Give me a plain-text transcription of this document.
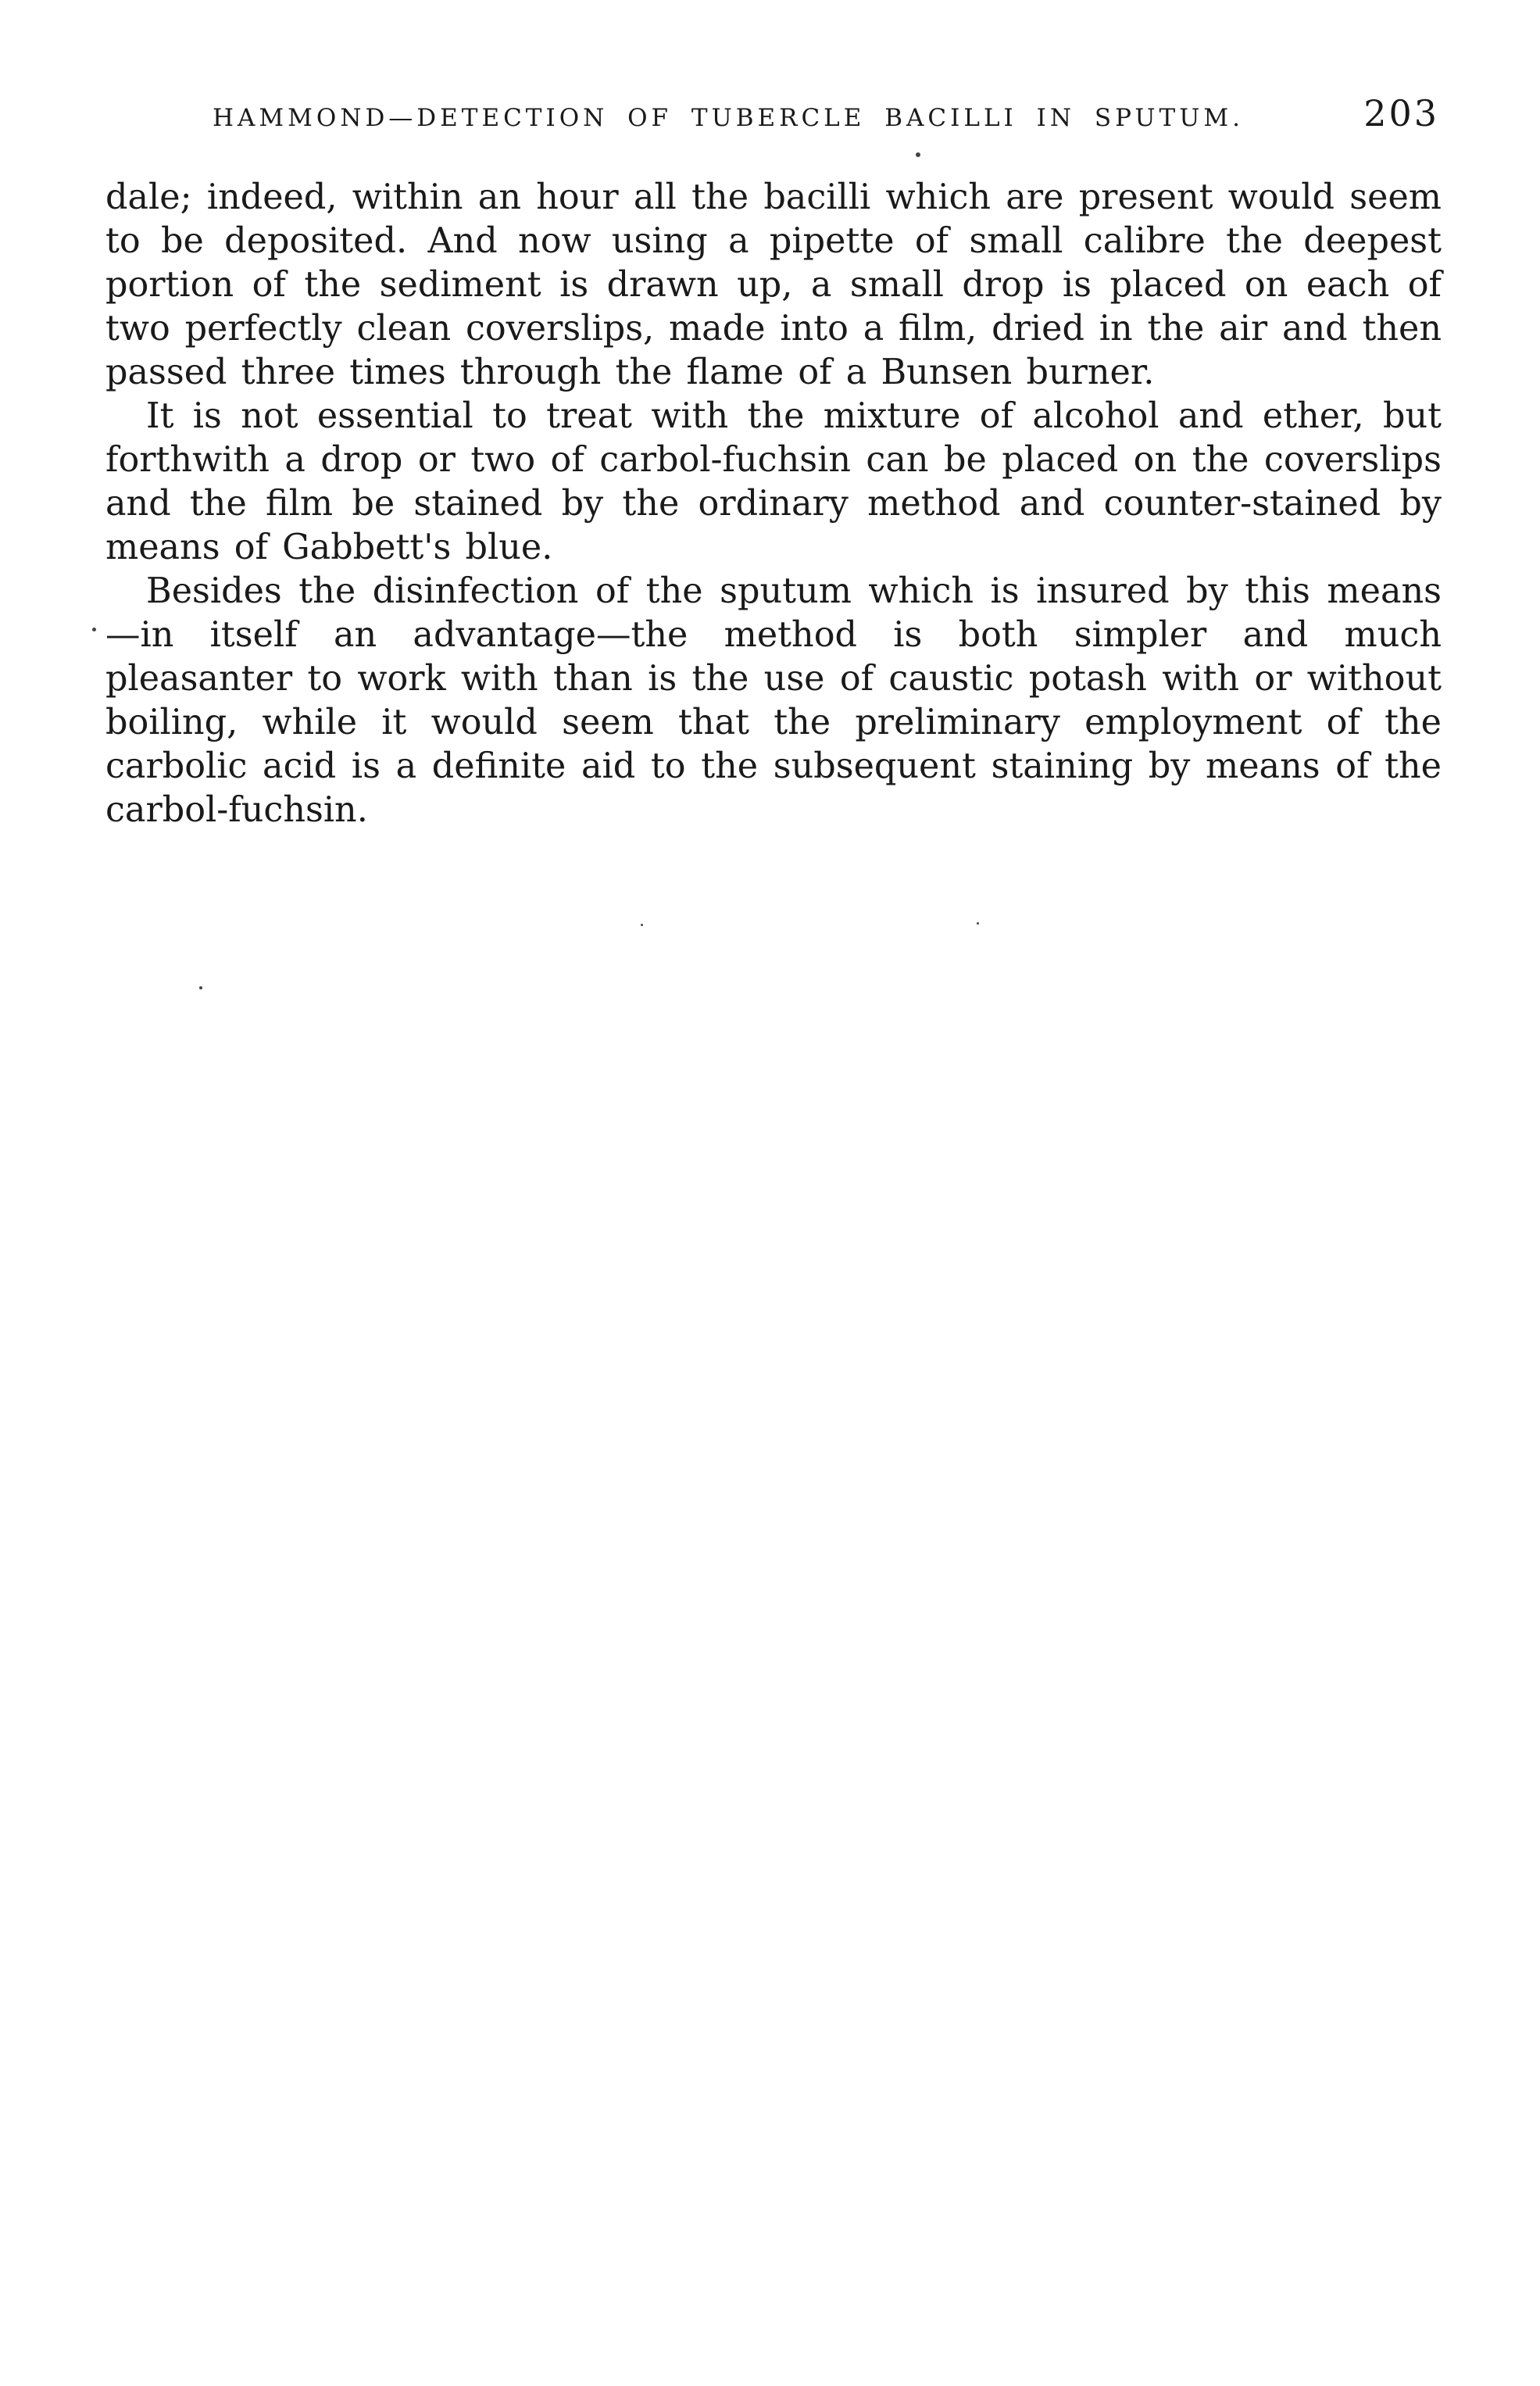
HAMMOND—DETECTION OF TUBERCLE BACILLI IN SPUTUM.	203

dale; indeed, within an hour all the bacilli which are present would seem to be deposited. And now using a pipette of small calibre the deepest portion of the sediment is drawn up, a small drop is placed on each of two perfectly clean coverslips, made into a film, dried in the air and then passed three times through the flame of a Bunsen burner.

It is not essential to treat with the mixture of alcohol and ether, but forthwith a drop or two of carbol-fuchsin can be placed on the coverslips and the film be stained by the ordinary method and counter-stained by means of Gabbett's blue.

Besides the disinfection of the sputum which is insured by this means —in itself an advantage—the method is both simpler and much pleasanter to work with than is the use of caustic potash with or without boiling, while it would seem that the preliminary employment of the carbolic acid is a definite aid to the subsequent staining by means of the carbol-fuchsin.
